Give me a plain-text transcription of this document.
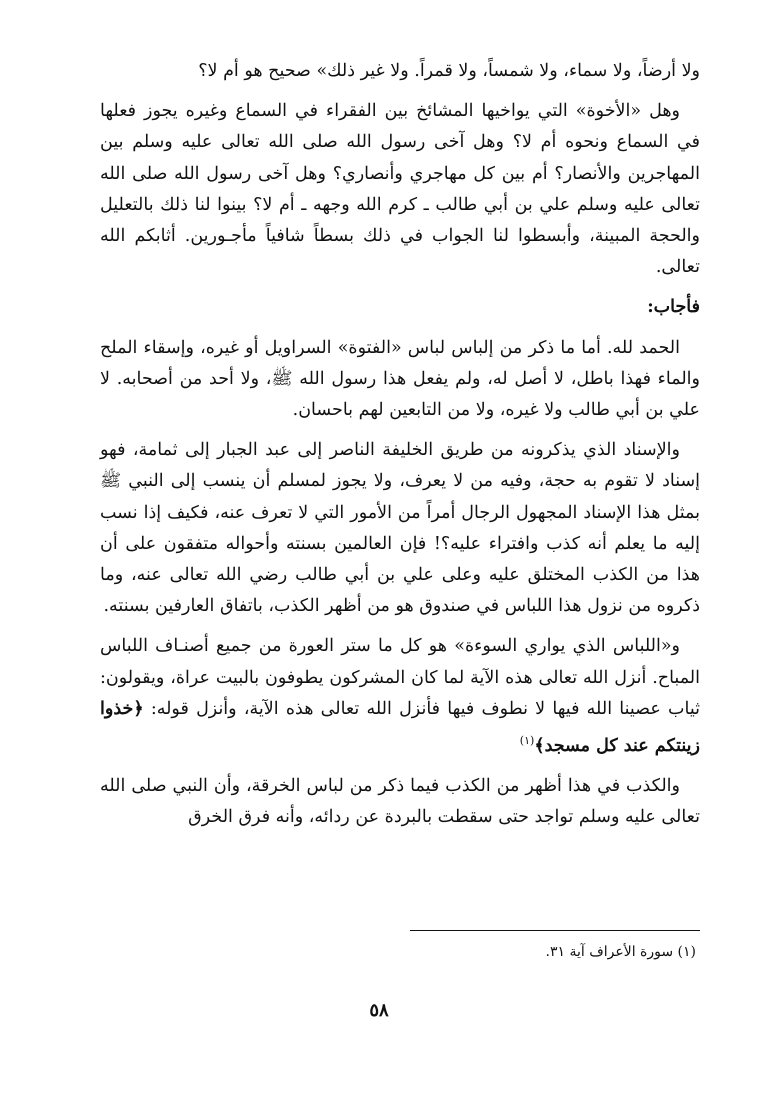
ولا أرضاً، ولا سماء، ولا شمساً، ولا قمراً. ولا غير ذلك» صحيح هو أم لا؟

وهل «الأخوة» التي يواخيها المشائخ بين الفقراء في السماع وغيره يجوز فعلها في السماع ونحوه أم لا؟ وهل آخى رسول الله صلى الله تعالى عليه وسلم بين المهاجرين والأنصار؟ أم بين كل مهاجري وأنصاري؟ وهل آخى رسول الله صلى الله تعالى عليه وسلم علي بن أبي طالب ـ كرم الله وجهه ـ أم لا؟ بينوا لنا ذلك بالتعليل والحجة المبينة، وأبسطوا لنا الجواب في ذلك بسطاً شافياً مأجـورين. أثابكم الله تعالى.

فأجاب:

الحمد لله. أما ما ذكر من إلباس لباس «الفتوة» السراويل أو غيره، وإسقاء الملح والماء فهذا باطل، لا أصل له، ولم يفعل هذا رسول الله ﷺ، ولا أحد من أصحابه. لا علي بن أبي طالب ولا غيره، ولا من التابعين لهم باحسان.

والإسناد الذي يذكرونه من طريق الخليفة الناصر إلى عبد الجبار إلى ثمامة، فهو إسناد لا تقوم به حجة، وفيه من لا يعرف، ولا يجوز لمسلم أن ينسب إلى النبي ﷺ بمثل هذا الإسناد المجهول الرجال أمراً من الأمور التي لا تعرف عنه، فكيف إذا نسب إليه ما يعلم أنه كذب وافتراء عليه؟! فإن العالمين بسنته وأحواله متفقون على أن هذا من الكذب المختلق عليه وعلى علي بن أبي طالب رضي الله تعالى عنه، وما ذكروه من نزول هذا اللباس في صندوق هو من أظهر الكذب، باتفاق العارفين بسنته.

و«اللباس الذي يواري السوءة» هو كل ما ستر العورة من جميع أصنـاف اللباس المباح. أنزل الله تعالى هذه الآية لما كان المشركون يطوفون بالبيت عراة، ويقولون: ثياب عصينا الله فيها لا نطوف فيها فأنزل الله تعالى هذه الآية، وأنزل قوله: ﴿خذوا زينتكم عند كل مسجد﴾$^{(١)}$

والكذب في هذا أظهر من الكذب فيما ذكر من لباس الخرقة، وأن النبي صلى الله تعالى عليه وسلم تواجد حتى سقطت بالبردة عن ردائه، وأنه فرق الخرق

(١) سورة الأعراف آية ٣١.
٥٨
